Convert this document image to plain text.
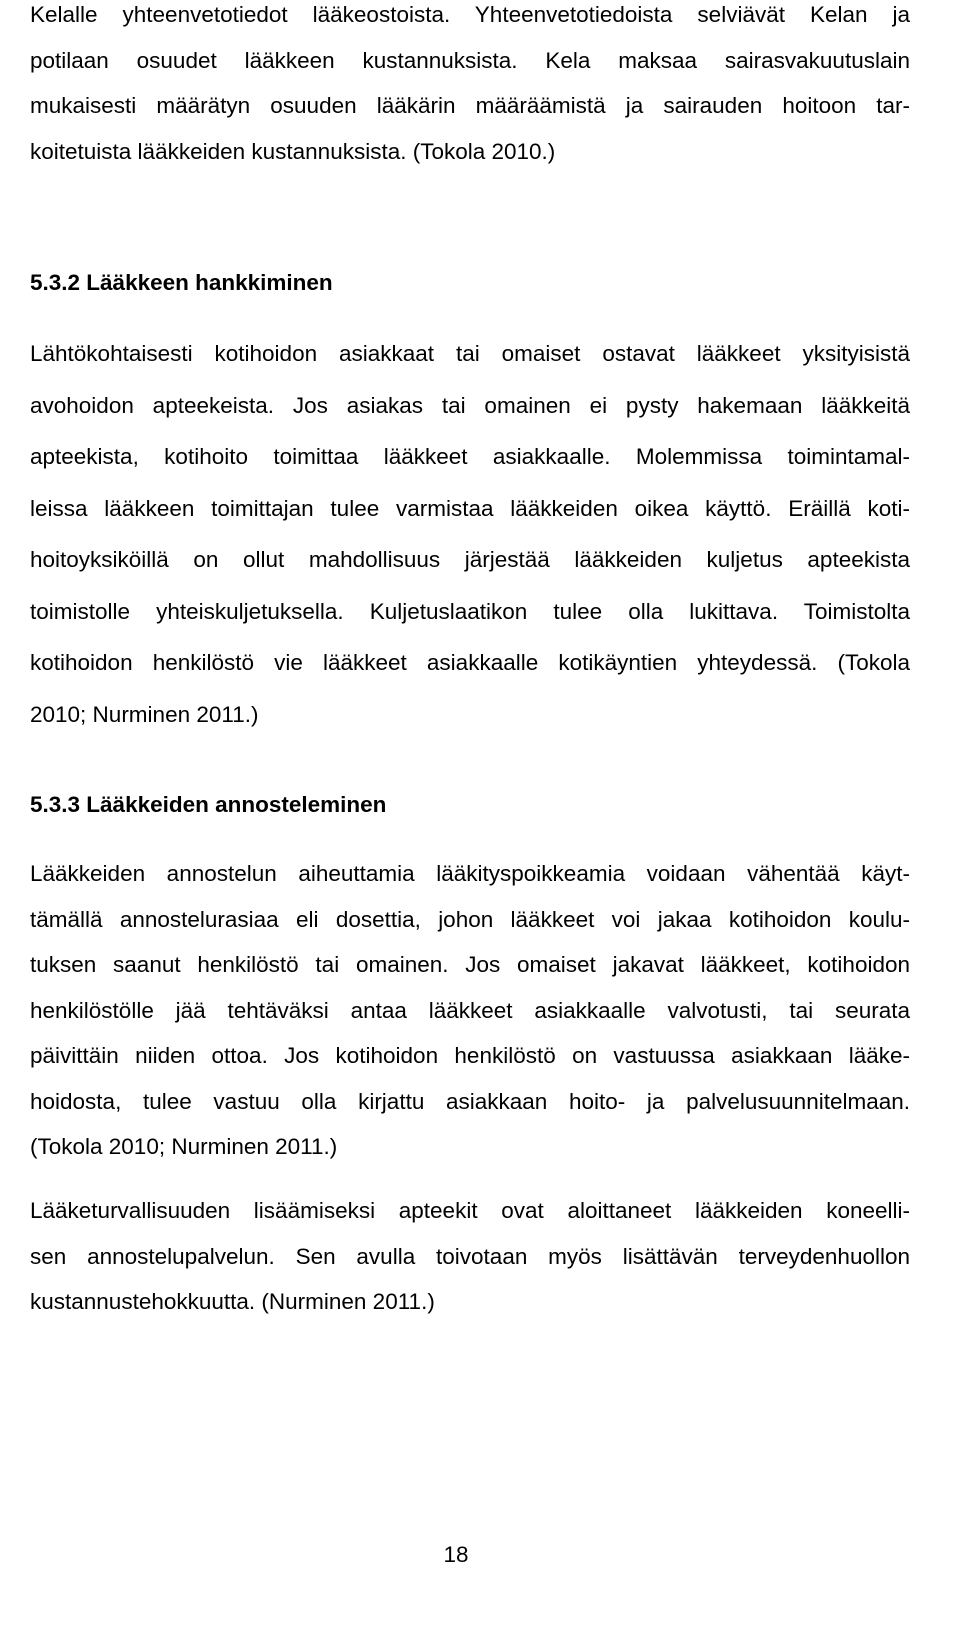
Kelalle yhteenvetotiedot lääkeostoista. Yhteenvetotiedoista selviävät Kelan ja
potilaan osuudet lääkkeen kustannuksista. Kela maksaa sairasvakuutuslain
mukaisesti määrätyn osuuden lääkärin määräämistä ja sairauden hoitoon tar-
koitetuista lääkkeiden kustannuksista. (Tokola 2010.)
5.3.2 Lääkkeen hankkiminen
Lähtökohtaisesti kotihoidon asiakkaat tai omaiset ostavat lääkkeet yksityisistä
avohoidon apteekeista. Jos asiakas tai omainen ei pysty hakemaan lääkkeitä
apteekista, kotihoito toimittaa lääkkeet asiakkaalle. Molemmissa toimintamal-
leissa lääkkeen toimittajan tulee varmistaa lääkkeiden oikea käyttö. Eräillä koti-
hoitoyksiköillä on ollut mahdollisuus järjestää lääkkeiden kuljetus apteekista
toimistolle yhteiskuljetuksella. Kuljetuslaatikon tulee olla lukittava. Toimistolta
kotihoidon henkilöstö vie lääkkeet asiakkaalle kotikäyntien yhteydessä. (Tokola
2010; Nurminen 2011.)
5.3.3 Lääkkeiden annosteleminen
Lääkkeiden annostelun aiheuttamia lääkityspoikkeamia voidaan vähentää käyt-
tämällä annostelurasiaa eli dosettia, johon lääkkeet voi jakaa kotihoidon koulu-
tuksen saanut henkilöstö tai omainen. Jos omaiset jakavat lääkkeet, kotihoidon
henkilöstölle jää tehtäväksi antaa lääkkeet asiakkaalle valvotusti, tai seurata
päivittäin niiden ottoa. Jos kotihoidon henkilöstö on vastuussa asiakkaan lääke-
hoidosta, tulee vastuu olla kirjattu asiakkaan hoito- ja palvelusuunnitelmaan.
(Tokola 2010; Nurminen 2011.)
Lääketurvallisuuden lisäämiseksi apteekit ovat aloittaneet lääkkeiden koneelli-
sen annostelupalvelun. Sen avulla toivotaan myös lisättävän terveydenhuollon
kustannustehokkuutta. (Nurminen 2011.)
18
